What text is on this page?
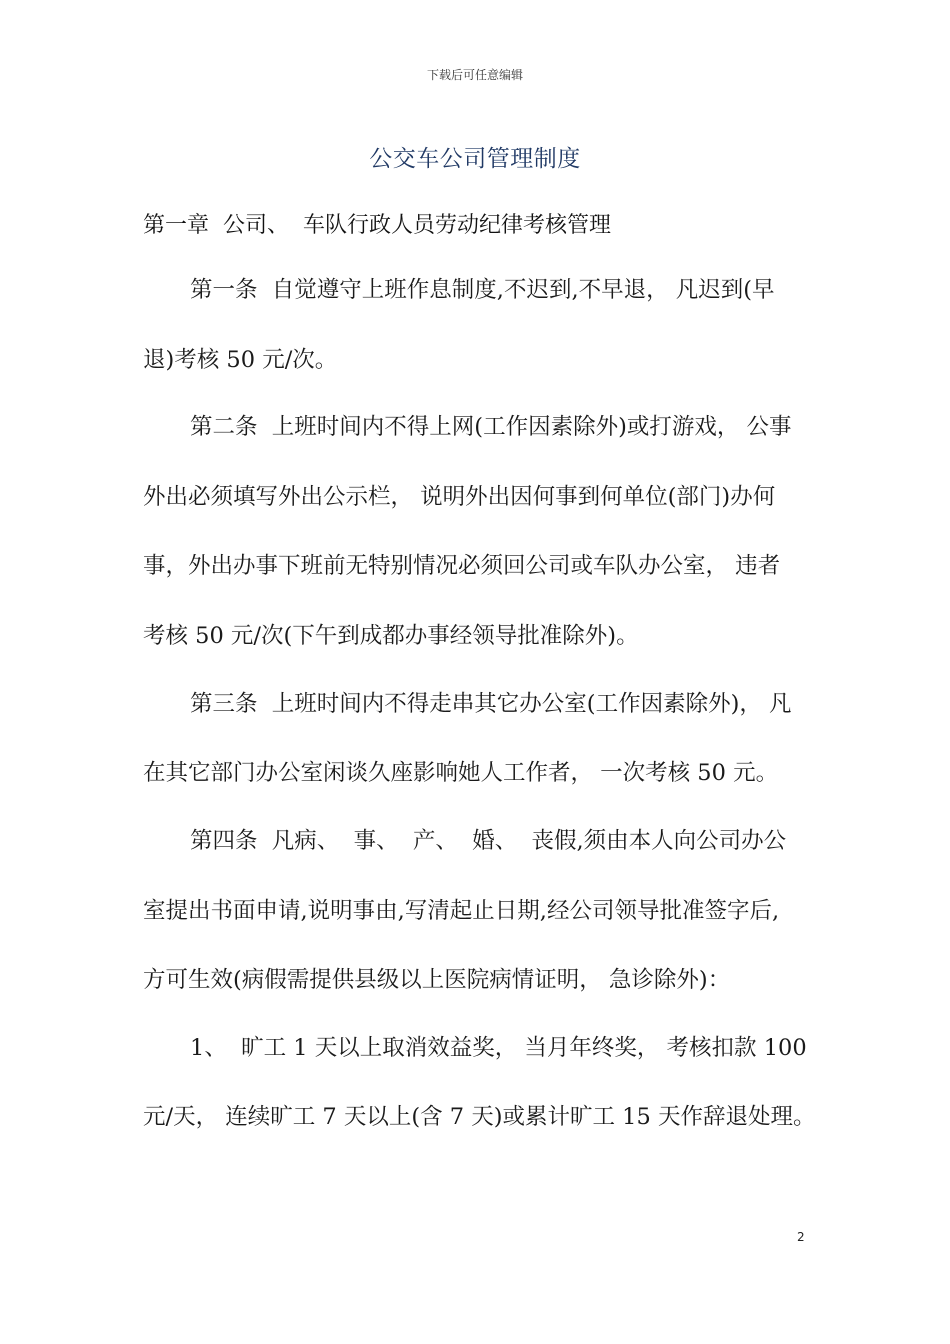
下载后可任意编辑
公交车公司管理制度
第一章  公司、  车队行政人员劳动纪律考核管理
第一条  自觉遵守上班作息制度,不迟到,不早退， 凡迟到(早
退)考核 50 元/次。
第二条  上班时间内不得上网(工作因素除外)或打游戏， 公事
外出必须填写外出公示栏， 说明外出因何事到何单位(部门)办何
事，外出办事下班前无特别情况必须回公司或车队办公室， 违者
考核 50 元/次(下午到成都办事经领导批准除外)。
第三条  上班时间内不得走串其它办公室(工作因素除外)， 凡
在其它部门办公室闲谈久座影响她人工作者， 一次考核 50 元。
第四条  凡病、  事、  产、  婚、  丧假,须由本人向公司办公
室提出书面申请,说明事由,写清起止日期,经公司领导批准签字后,
方可生效(病假需提供县级以上医院病情证明， 急诊除外)：
1、  旷工 1 天以上取消效益奖， 当月年终奖， 考核扣款 100
元/天， 连续旷工 7 天以上(含 7 天)或累计旷工 15 天作辞退处理。
2
